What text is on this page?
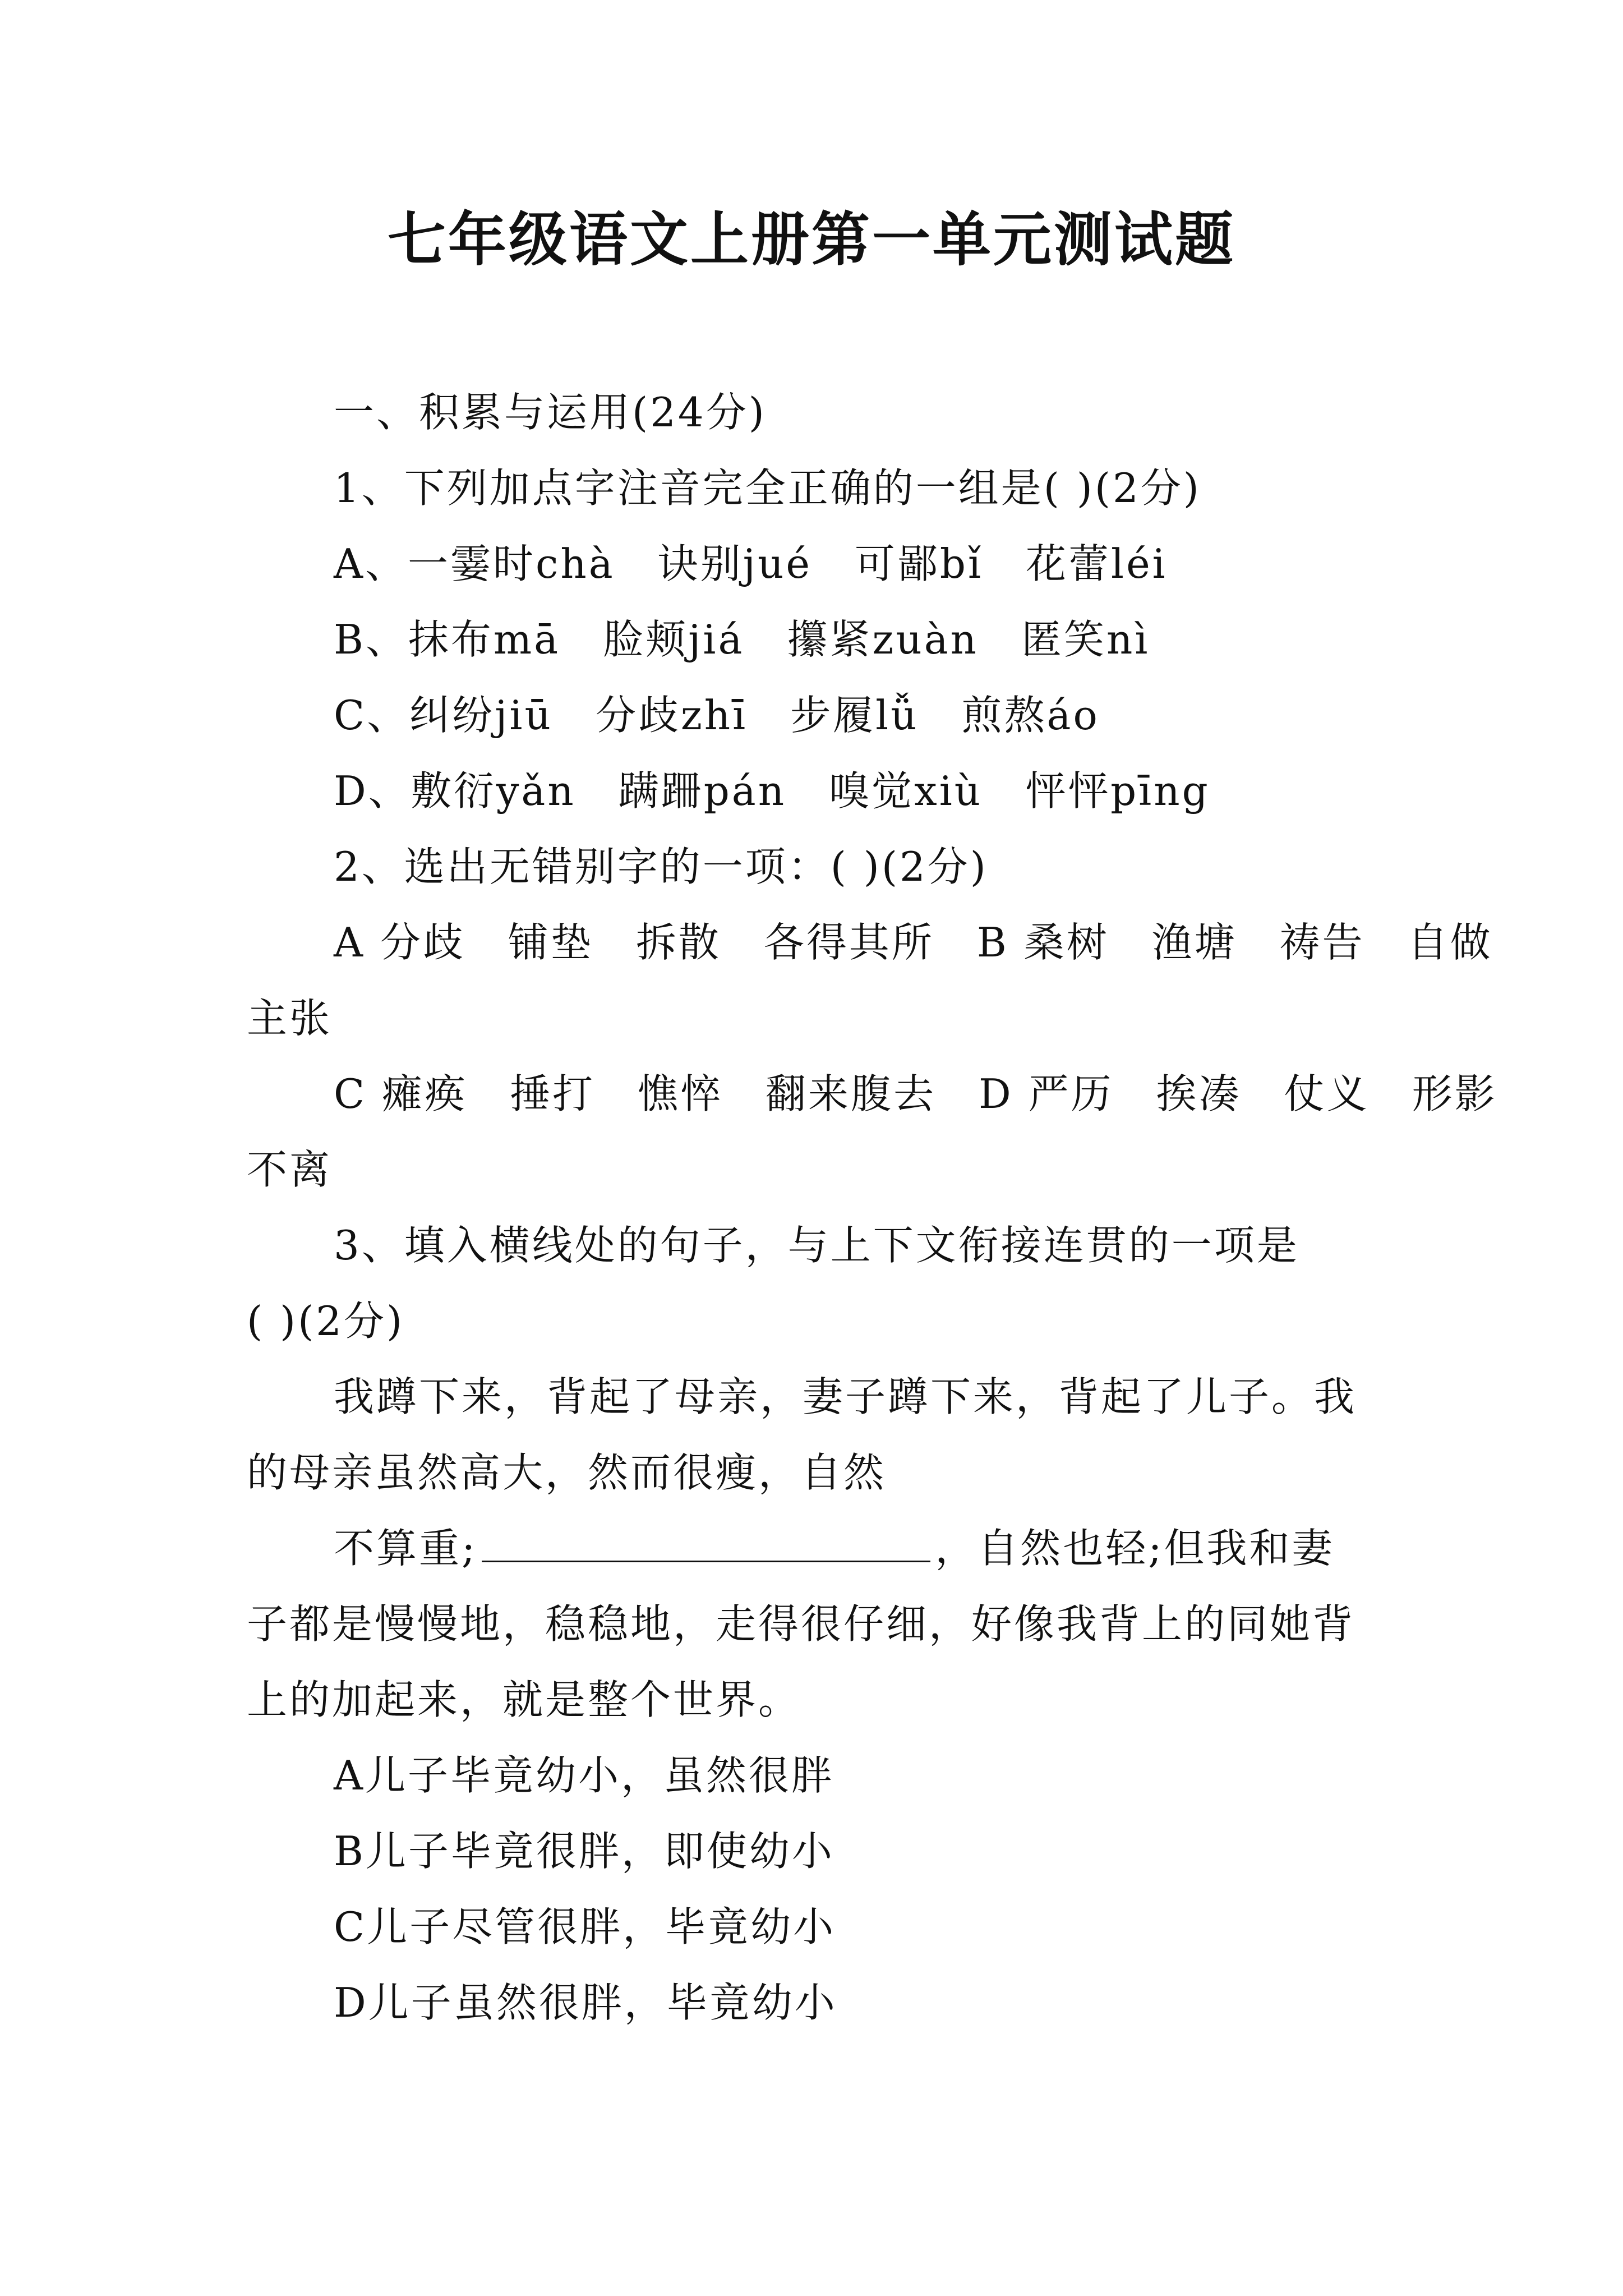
七年级语文上册第一单元测试题
一、积累与运用(24分)
1、下列加点字注音完全正确的一组是( )(2分)
A、一霎时chà　诀别jué　可鄙bǐ　花蕾léi
B、抹布mā　脸颊jiá　攥紧zuàn　匿笑nì
C、纠纷jiū　分歧zhī　步履lǚ　煎熬áo
D、敷衍yǎn　蹒跚pán　嗅觉xiù　怦怦pīng
2、选出无错别字的一项：( )(2分)
A 分歧　铺垫　拆散　各得其所　B 桑树　渔塘　祷告　自做
主张
C 瘫痪　捶打　憔悴　翻来腹去　D 严历　挨凑　仗义　形影
不离
3、填入横线处的句子，与上下文衔接连贯的一项是
( )(2分)
我蹲下来，背起了母亲，妻子蹲下来，背起了儿子。我
的母亲虽然高大，然而很瘦，自然
不算重;	，自然也轻;但我和妻
子都是慢慢地，稳稳地，走得很仔细，好像我背上的同她背
上的加起来，就是整个世界。
A儿子毕竟幼小，虽然很胖
B儿子毕竟很胖，即使幼小
C儿子尽管很胖，毕竟幼小
D儿子虽然很胖，毕竟幼小
